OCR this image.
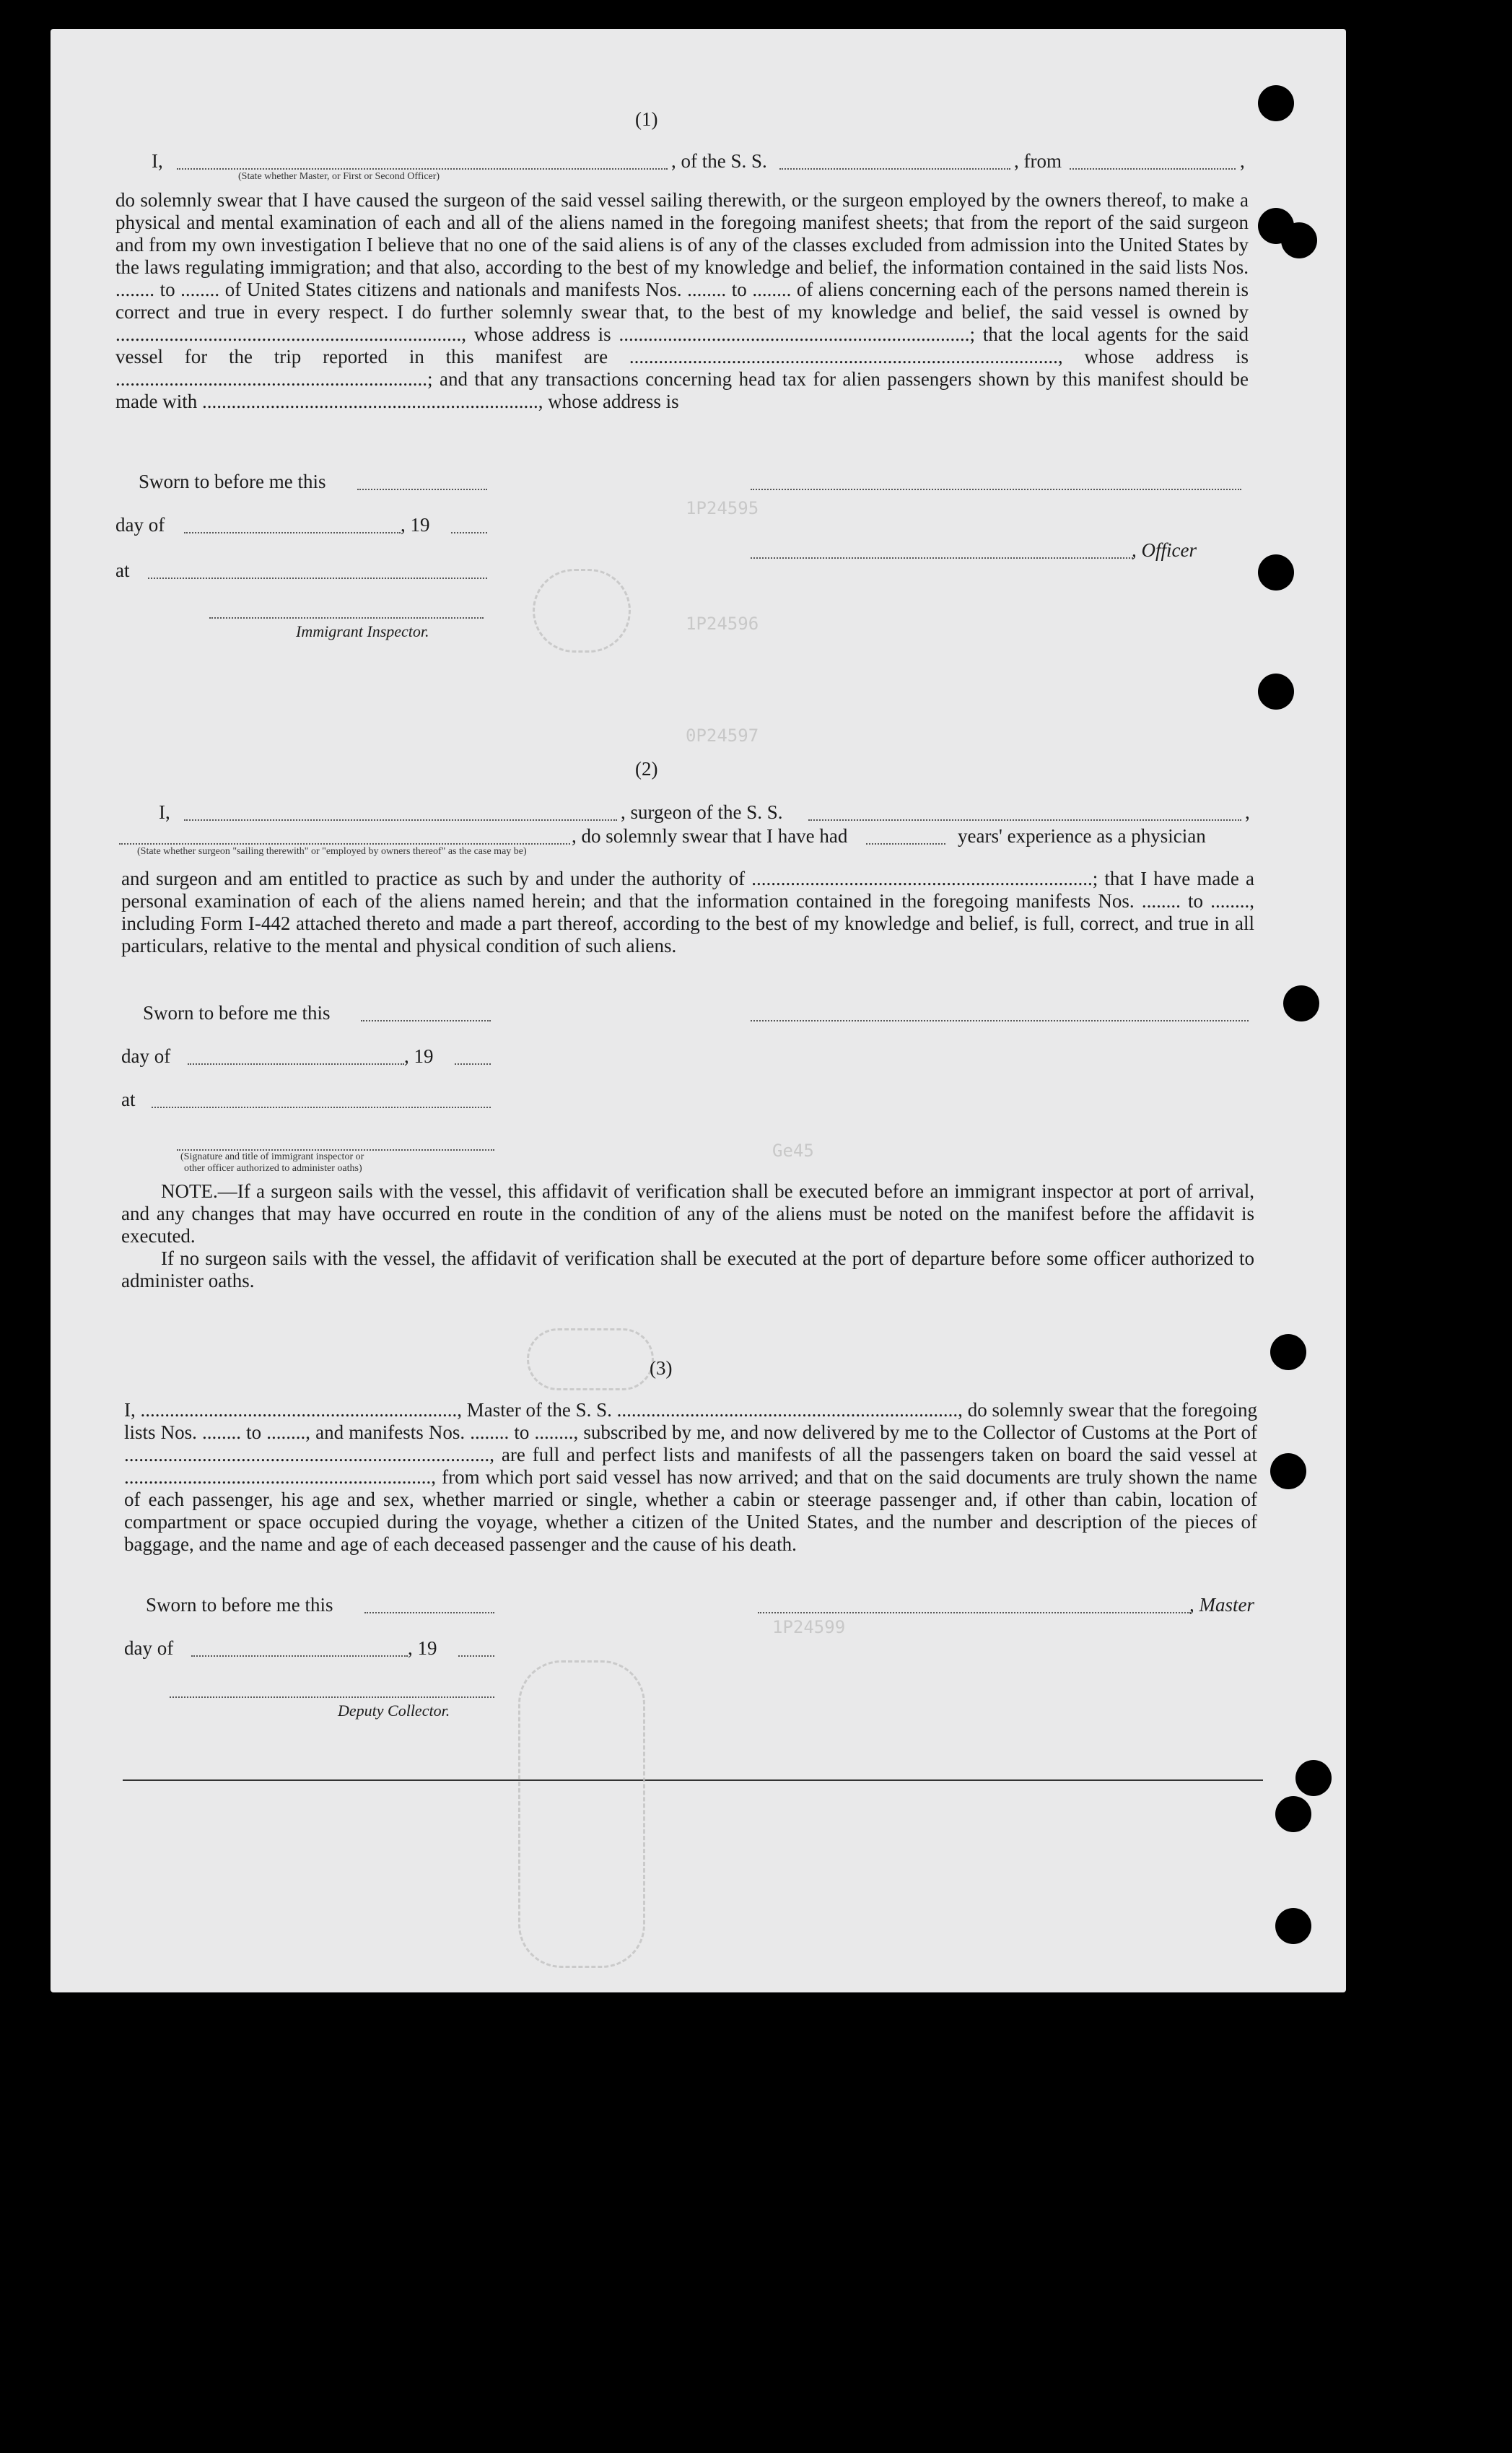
(1)
I,	, of the S. S.	, from	,
(State whether Master, or First or Second Officer)
do solemnly swear that I have caused the surgeon of the said vessel sailing therewith, or the surgeon employed by the owners thereof, to make a physical and mental examination of each and all of the aliens named in the foregoing manifest sheets; that from the report of the said surgeon and from my own investigation I believe that no one of the said aliens is of any of the classes excluded from admission into the United States by the laws regulating immigration; and that also, according to the best of my knowledge and belief, the information contained in the said lists Nos. ........ to ........ of United States citizens and nationals and manifests Nos. ........ to ........ of aliens concerning each of the persons named therein is correct and true in every respect. I do further solemnly swear that, to the best of my knowledge and belief, the said vessel is owned by ......................................................................., whose address is ........................................................................; that the local agents for the said vessel for the trip reported in this manifest are ........................................................................................, whose address is ................................................................; and that any transactions concerning head tax for alien passengers shown by this manifest should be made with ....................................................................., whose address is
Sworn to before me this
day of	, 19
, Officer
at
Immigrant Inspector.
1P24595
1P24596
0P24597
(2)
I,	, surgeon of the S. S.	,
, do solemnly swear that I have had	years' experience as a physician
(State whether surgeon "sailing therewith" or "employed by owners thereof" as the case may be)
and surgeon and am entitled to practice as such by and under the authority of ......................................................................; that I have made a personal examination of each of the aliens named herein; and that the information contained in the foregoing manifests Nos. ........ to ........, including Form I-442 attached thereto and made a part thereof, according to the best of my knowledge and belief, is full, correct, and true in all particulars, relative to the mental and physical condition of such aliens.
Sworn to before me this
day of	, 19
at
(Signature and title of immigrant inspector or
other officer authorized to administer oaths)
NOTE.—If a surgeon sails with the vessel, this affidavit of verification shall be executed before an immigrant inspector at port of arrival, and any changes that may have occurred en route in the condition of any of the aliens must be noted on the manifest before the affidavit is executed.
If no surgeon sails with the vessel, the affidavit of verification shall be executed at the port of departure before some officer authorized to administer oaths.
Ge45
(3)
I, ................................................................., Master of the S. S. ......................................................................, do solemnly swear that the foregoing lists Nos. ........ to ........, and manifests Nos. ........ to ........, subscribed by me, and now delivered by me to the Collector of Customs at the Port of ..........................................................................., are full and perfect lists and manifests of all the passengers taken on board the said vessel at ..............................................................., from which port said vessel has now arrived; and that on the said documents are truly shown the name of each passenger, his age and sex, whether married or single, whether a cabin or steerage passenger and, if other than cabin, location of compartment or space occupied during the voyage, whether a citizen of the United States, and the number and description of the pieces of baggage, and the name and age of each deceased passenger and the cause of his death.
Sworn to before me this	, Master
day of	, 19
Deputy Collector.
1P24599
